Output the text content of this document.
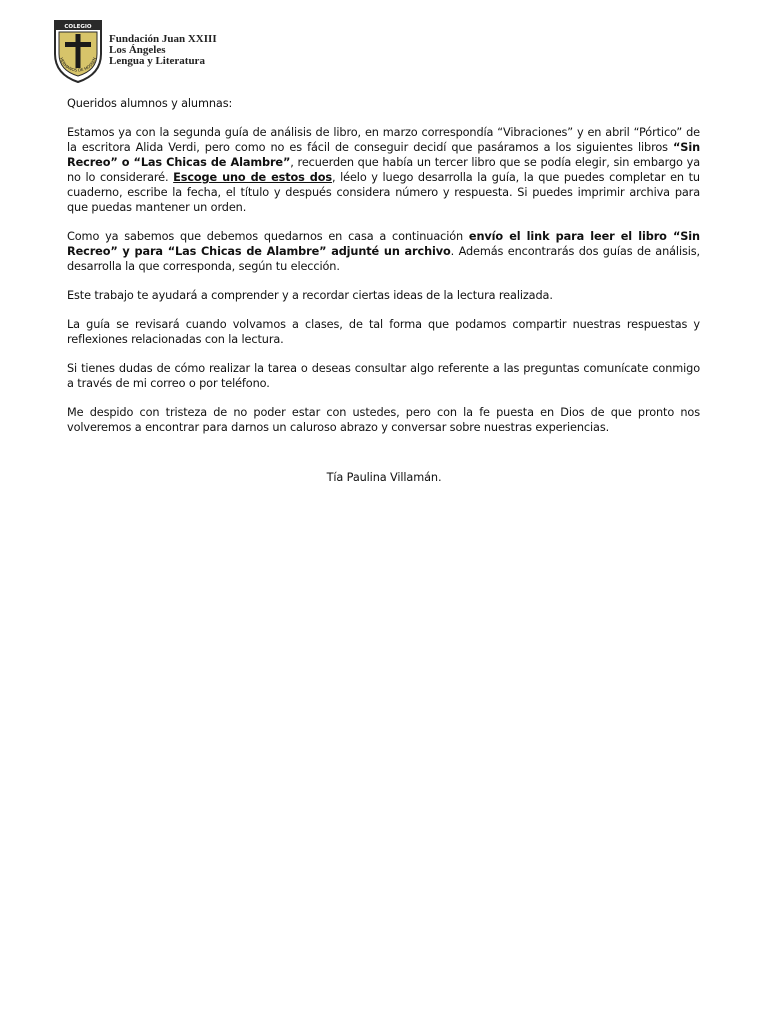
COLEGIO
HERMANOS DE MOSSEN
Fundación Juan XXIII
Los Ángeles
Lengua y Literatura

Queridos alumnos y alumnas:

Estamos ya con la segunda guía de análisis de libro, en marzo correspondía “Vibraciones” y en abril “Pórtico” de la escritora Alida Verdi, pero como no es fácil de conseguir decidí que pasáramos a los siguientes libros “Sin Recreo” o “Las Chicas de Alambre”, recuerden que había un tercer libro que se podía elegir, sin embargo ya no lo consideraré. Escoge uno de estos dos, léelo y luego desarrolla la guía, la que puedes completar en tu cuaderno, escribe la fecha, el título y después considera número y respuesta. Si puedes imprimir archiva para que puedas mantener un orden.

Como ya sabemos que debemos quedarnos en casa a continuación envío el link para leer el libro “Sin Recreo” y para “Las Chicas de Alambre” adjunté un archivo. Además encontrarás dos guías de análisis, desarrolla la que corresponda, según tu elección.

Este trabajo te ayudará a comprender y a recordar ciertas ideas de la lectura realizada.

La guía se revisará cuando volvamos a clases, de tal forma que podamos compartir nuestras respuestas y reflexiones relacionadas con la lectura.

Si tienes dudas de cómo realizar la tarea o deseas consultar algo referente a las preguntas comunícate conmigo a través de mi correo o por teléfono.

Me despido con tristeza de no poder estar con ustedes, pero con la fe puesta en Dios de que pronto nos volveremos a encontrar para darnos un caluroso abrazo y conversar sobre nuestras experiencias.

Tía Paulina Villamán.
